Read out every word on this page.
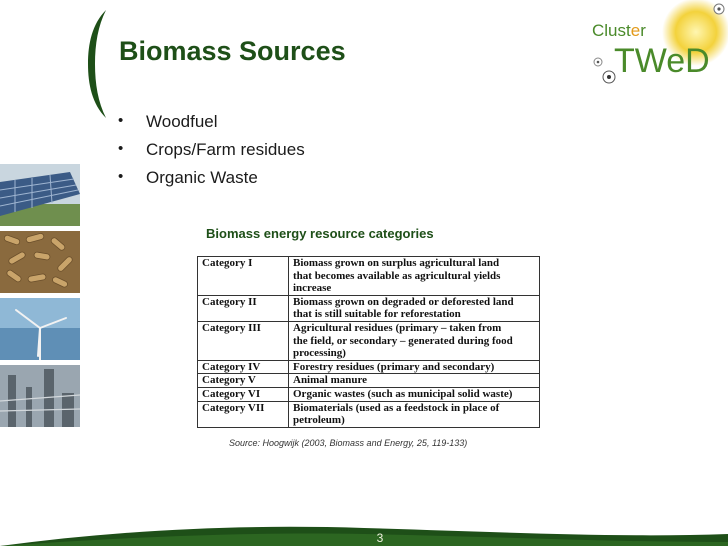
Biomass Sources
Cluster
TWeD
• Woodfuel
• Crops/Farm residues
• Organic Waste
Biomass energy resource categories
Category I	Biomass grown on surplus agricultural land
that becomes available as agricultural yields
increase

Category II	Biomass grown on degraded or deforested land
that is still suitable for reforestation

Category III	Agricultural residues (primary – taken from
the field, or secondary – generated during food
processing)

Category IV	Forestry residues (primary and secondary)

Category V	Animal manure

Category VI	Organic wastes (such as municipal solid waste)

Category VII	Biomaterials (used as a feedstock in place of
petroleum)
Source: Hoogwijk (2003, Biomass and Energy, 25, 119-133)
3
